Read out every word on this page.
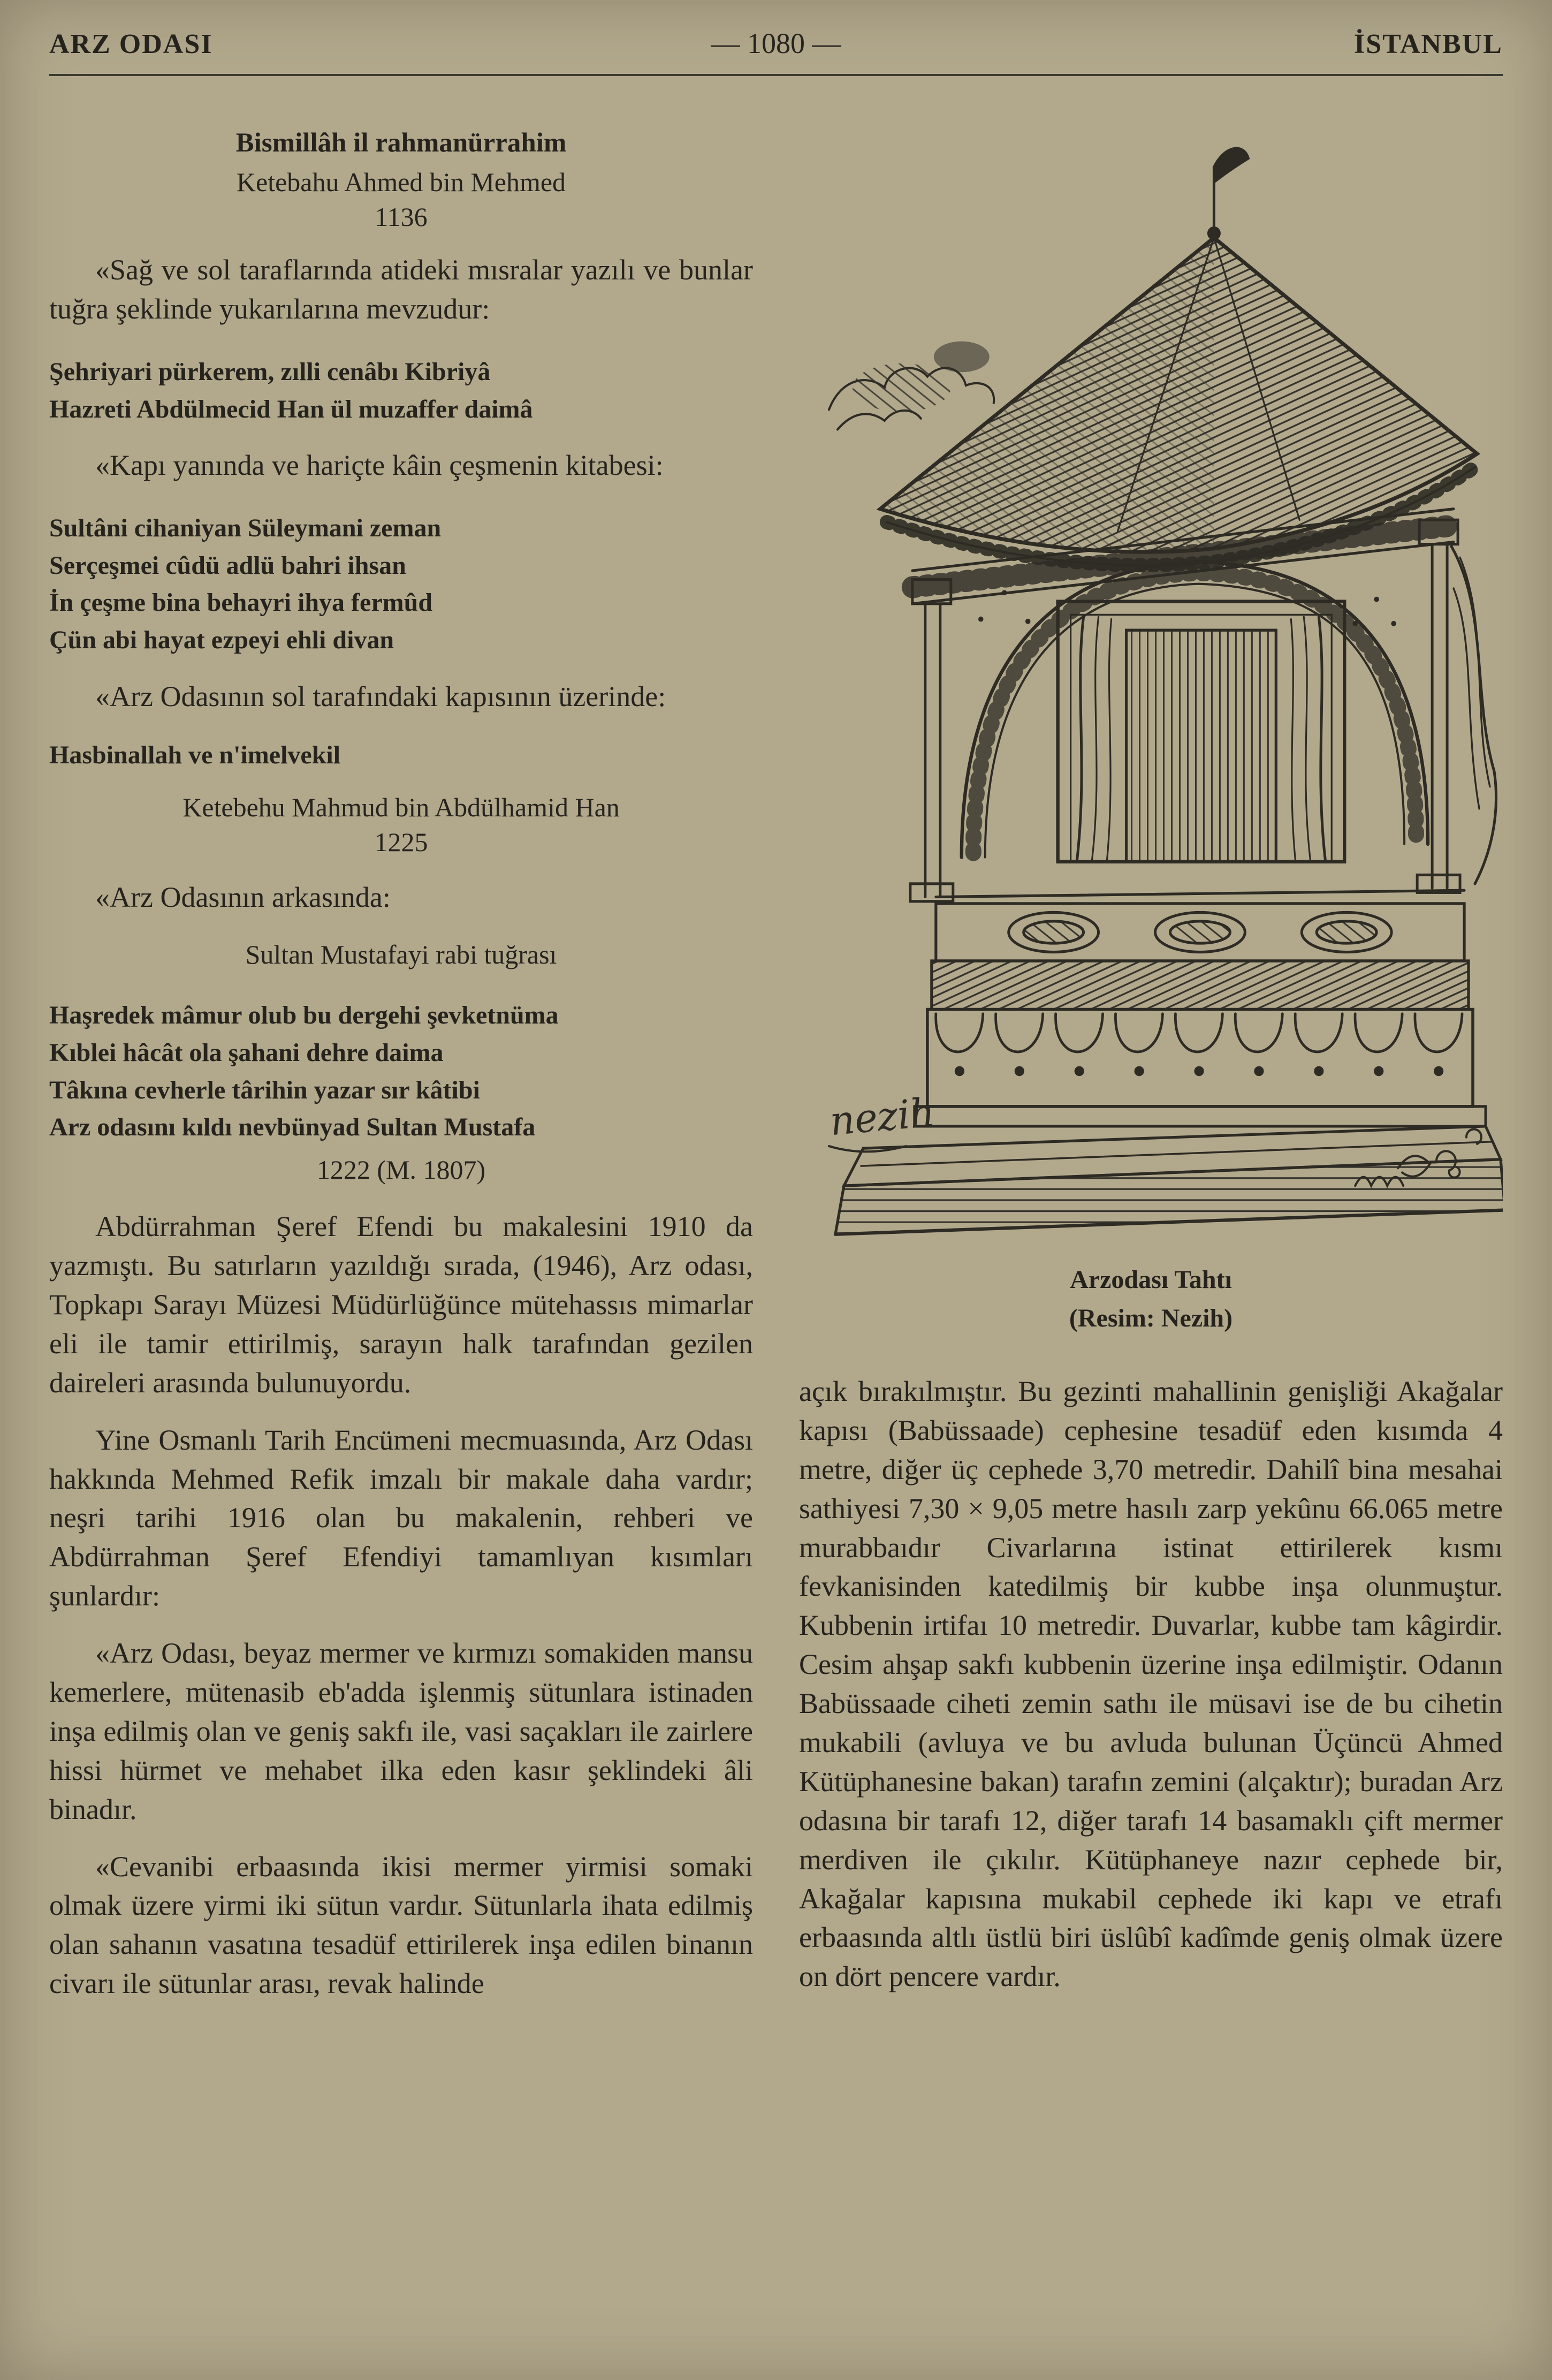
ARZ ODASI	— 1080 —	İSTANBUL
Bismillâh il rahmanürrahim
Ketebahu Ahmed bin Mehmed
1136

«Sağ ve sol taraflarında atideki mısralar yazılı ve bunlar tuğra şeklinde yukarılarına mevzudur:

Şehriyari pürkerem, zılli cenâbı Kibriyâ
Hazreti Abdülmecid Han ül muzaffer daimâ

«Kapı yanında ve hariçte kâin çeşmenin kitabesi:

Sultâni cihaniyan Süleymani zeman
Serçeşmei cûdü adlü bahri ihsan
İn çeşme bina behayri ihya fermûd
Çün abi hayat ezpeyi ehli divan

«Arz Odasının sol tarafındaki kapısının üzerinde:

Hasbinallah ve n'imelvekil
Ketebehu Mahmud bin Abdülhamid Han
1225

«Arz Odasının arkasında:

Sultan Mustafayi rabi tuğrası
Haşredek mâmur olub bu dergehi şevketnüma
Kıblei hâcât ola şahani dehre daima
Tâkına cevherle târihin yazar sır kâtibi
Arz odasını kıldı nevbünyad Sultan Mustafa
1222 (M. 1807)

Abdürrahman Şeref Efendi bu makalesini 1910 da yazmıştı. Bu satırların yazıldığı sırada, (1946), Arz odası, Topkapı Sarayı Müzesi Müdürlüğünce mütehassıs mimarlar eli ile tamir ettirilmiş, sarayın halk tarafından gezilen daireleri arasında bulunuyordu.

Yine Osmanlı Tarih Encümeni mecmuasında, Arz Odası hakkında Mehmed Refik imzalı bir makale daha vardır; neşri tarihi 1916 olan bu makalenin, rehberi ve Abdürrahman Şeref Efendiyi tamamlıyan kısımları şunlardır:

«Arz Odası, beyaz mermer ve kırmızı somakiden mansu kemerlere, mütenasib eb'adda işlenmiş sütunlara istinaden inşa edilmiş olan ve geniş sakfı ile, vasi saçakları ile zairlere hissi hürmet ve mehabet ilka eden kasır şeklindeki âli binadır.

«Cevanibi erbaasında ikisi mermer yirmisi somaki olmak üzere yirmi iki sütun vardır. Sütunlarla ihata edilmiş olan sahanın vasatına tesadüf ettirilerek inşa edilen binanın civarı ile sütunlar arası, revak halinde

nezih
Arzodası Tahtı
(Resim: Nezih)

açık bırakılmıştır. Bu gezinti mahallinin genişliği Akağalar kapısı (Babüssaade) cephesine tesadüf eden kısımda 4 metre, diğer üç cephede 3,70 metredir. Dahilî bina mesahai sathiyesi 7,30 × 9,05 metre hasılı zarp yekûnu 66.065 metre murabbaıdır Civarlarına istinat ettirilerek kısmı fevkanisinden katedilmiş bir kubbe inşa olunmuştur. Kubbenin irtifaı 10 metredir. Duvarlar, kubbe tam kâgirdir. Cesim ahşap sakfı kubbenin üzerine inşa edilmiştir. Odanın Babüssaade ciheti zemin sathı ile müsavi ise de bu cihetin mukabili (avluya ve bu avluda bulunan Üçüncü Ahmed Kütüphanesine bakan) tarafın zemini (alçaktır); buradan Arz odasına bir tarafı 12, diğer tarafı 14 basamaklı çift mermer merdiven ile çıkılır. Kütüphaneye nazır cephede bir, Akağalar kapısına mukabil cephede iki kapı ve etrafı erbaasında altlı üstlü biri üslûbî kadîmde geniş olmak üzere on dört pencere vardır.
